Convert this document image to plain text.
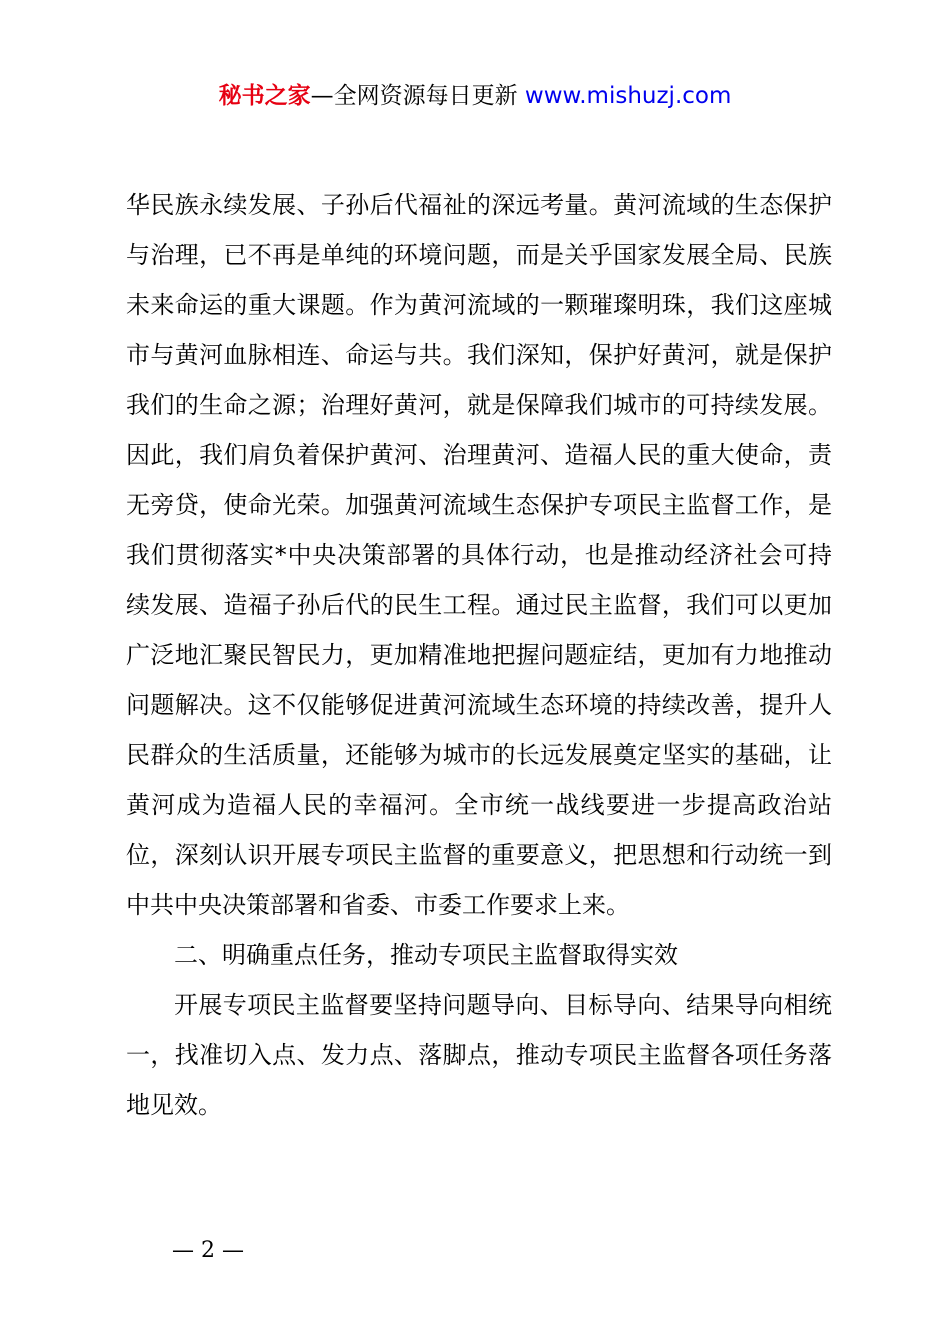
秘书之家—全网资源每日更新 www.mishuzj.com

华民族永续发展、子孙后代福祉的深远考量。黄河流域的生态保护与治理，已不再是单纯的环境问题，而是关乎国家发展全局、民族未来命运的重大课题。作为黄河流域的一颗璀璨明珠，我们这座城市与黄河血脉相连、命运与共。我们深知，保护好黄河，就是保护我们的生命之源；治理好黄河，就是保障我们城市的可持续发展。因此，我们肩负着保护黄河、治理黄河、造福人民的重大使命，责无旁贷，使命光荣。加强黄河流域生态保护专项民主监督工作，是我们贯彻落实*中央决策部署的具体行动，也是推动经济社会可持续发展、造福子孙后代的民生工程。通过民主监督，我们可以更加广泛地汇聚民智民力，更加精准地把握问题症结，更加有力地推动问题解决。这不仅能够促进黄河流域生态环境的持续改善，提升人民群众的生活质量，还能够为城市的长远发展奠定坚实的基础，让黄河成为造福人民的幸福河。全市统一战线要进一步提高政治站位，深刻认识开展专项民主监督的重要意义，把思想和行动统一到中共中央决策部署和省委、市委工作要求上来。

二、明确重点任务，推动专项民主监督取得实效

开展专项民主监督要坚持问题导向、目标导向、结果导向相统一，找准切入点、发力点、落脚点，推动专项民主监督各项任务落地见效。

— 2 —
